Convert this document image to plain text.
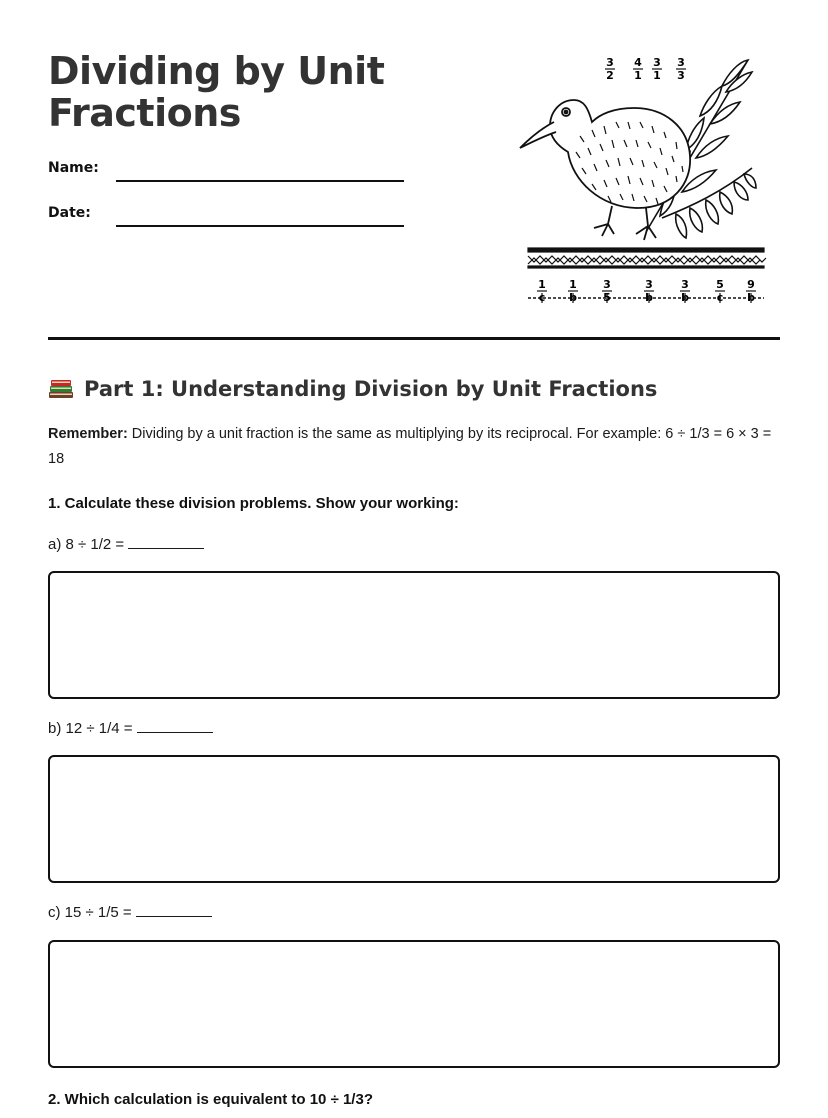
Dividing by Unit Fractions
Name:
Date:
3
2
4
1
3
1
3
3
1
c
1
b
3
5
3
b
3
b
5
c
9
b
Part 1: Understanding Division by Unit Fractions
Remember: Dividing by a unit fraction is the same as multiplying by its reciprocal. For example: 6 ÷ 1/3 = 6 × 3 = 18
1. Calculate these division problems. Show your working:
a) 8 ÷ 1/2 =
b) 12 ÷ 1/4 =
c) 15 ÷ 1/5 =
2. Which calculation is equivalent to 10 ÷ 1/3?
